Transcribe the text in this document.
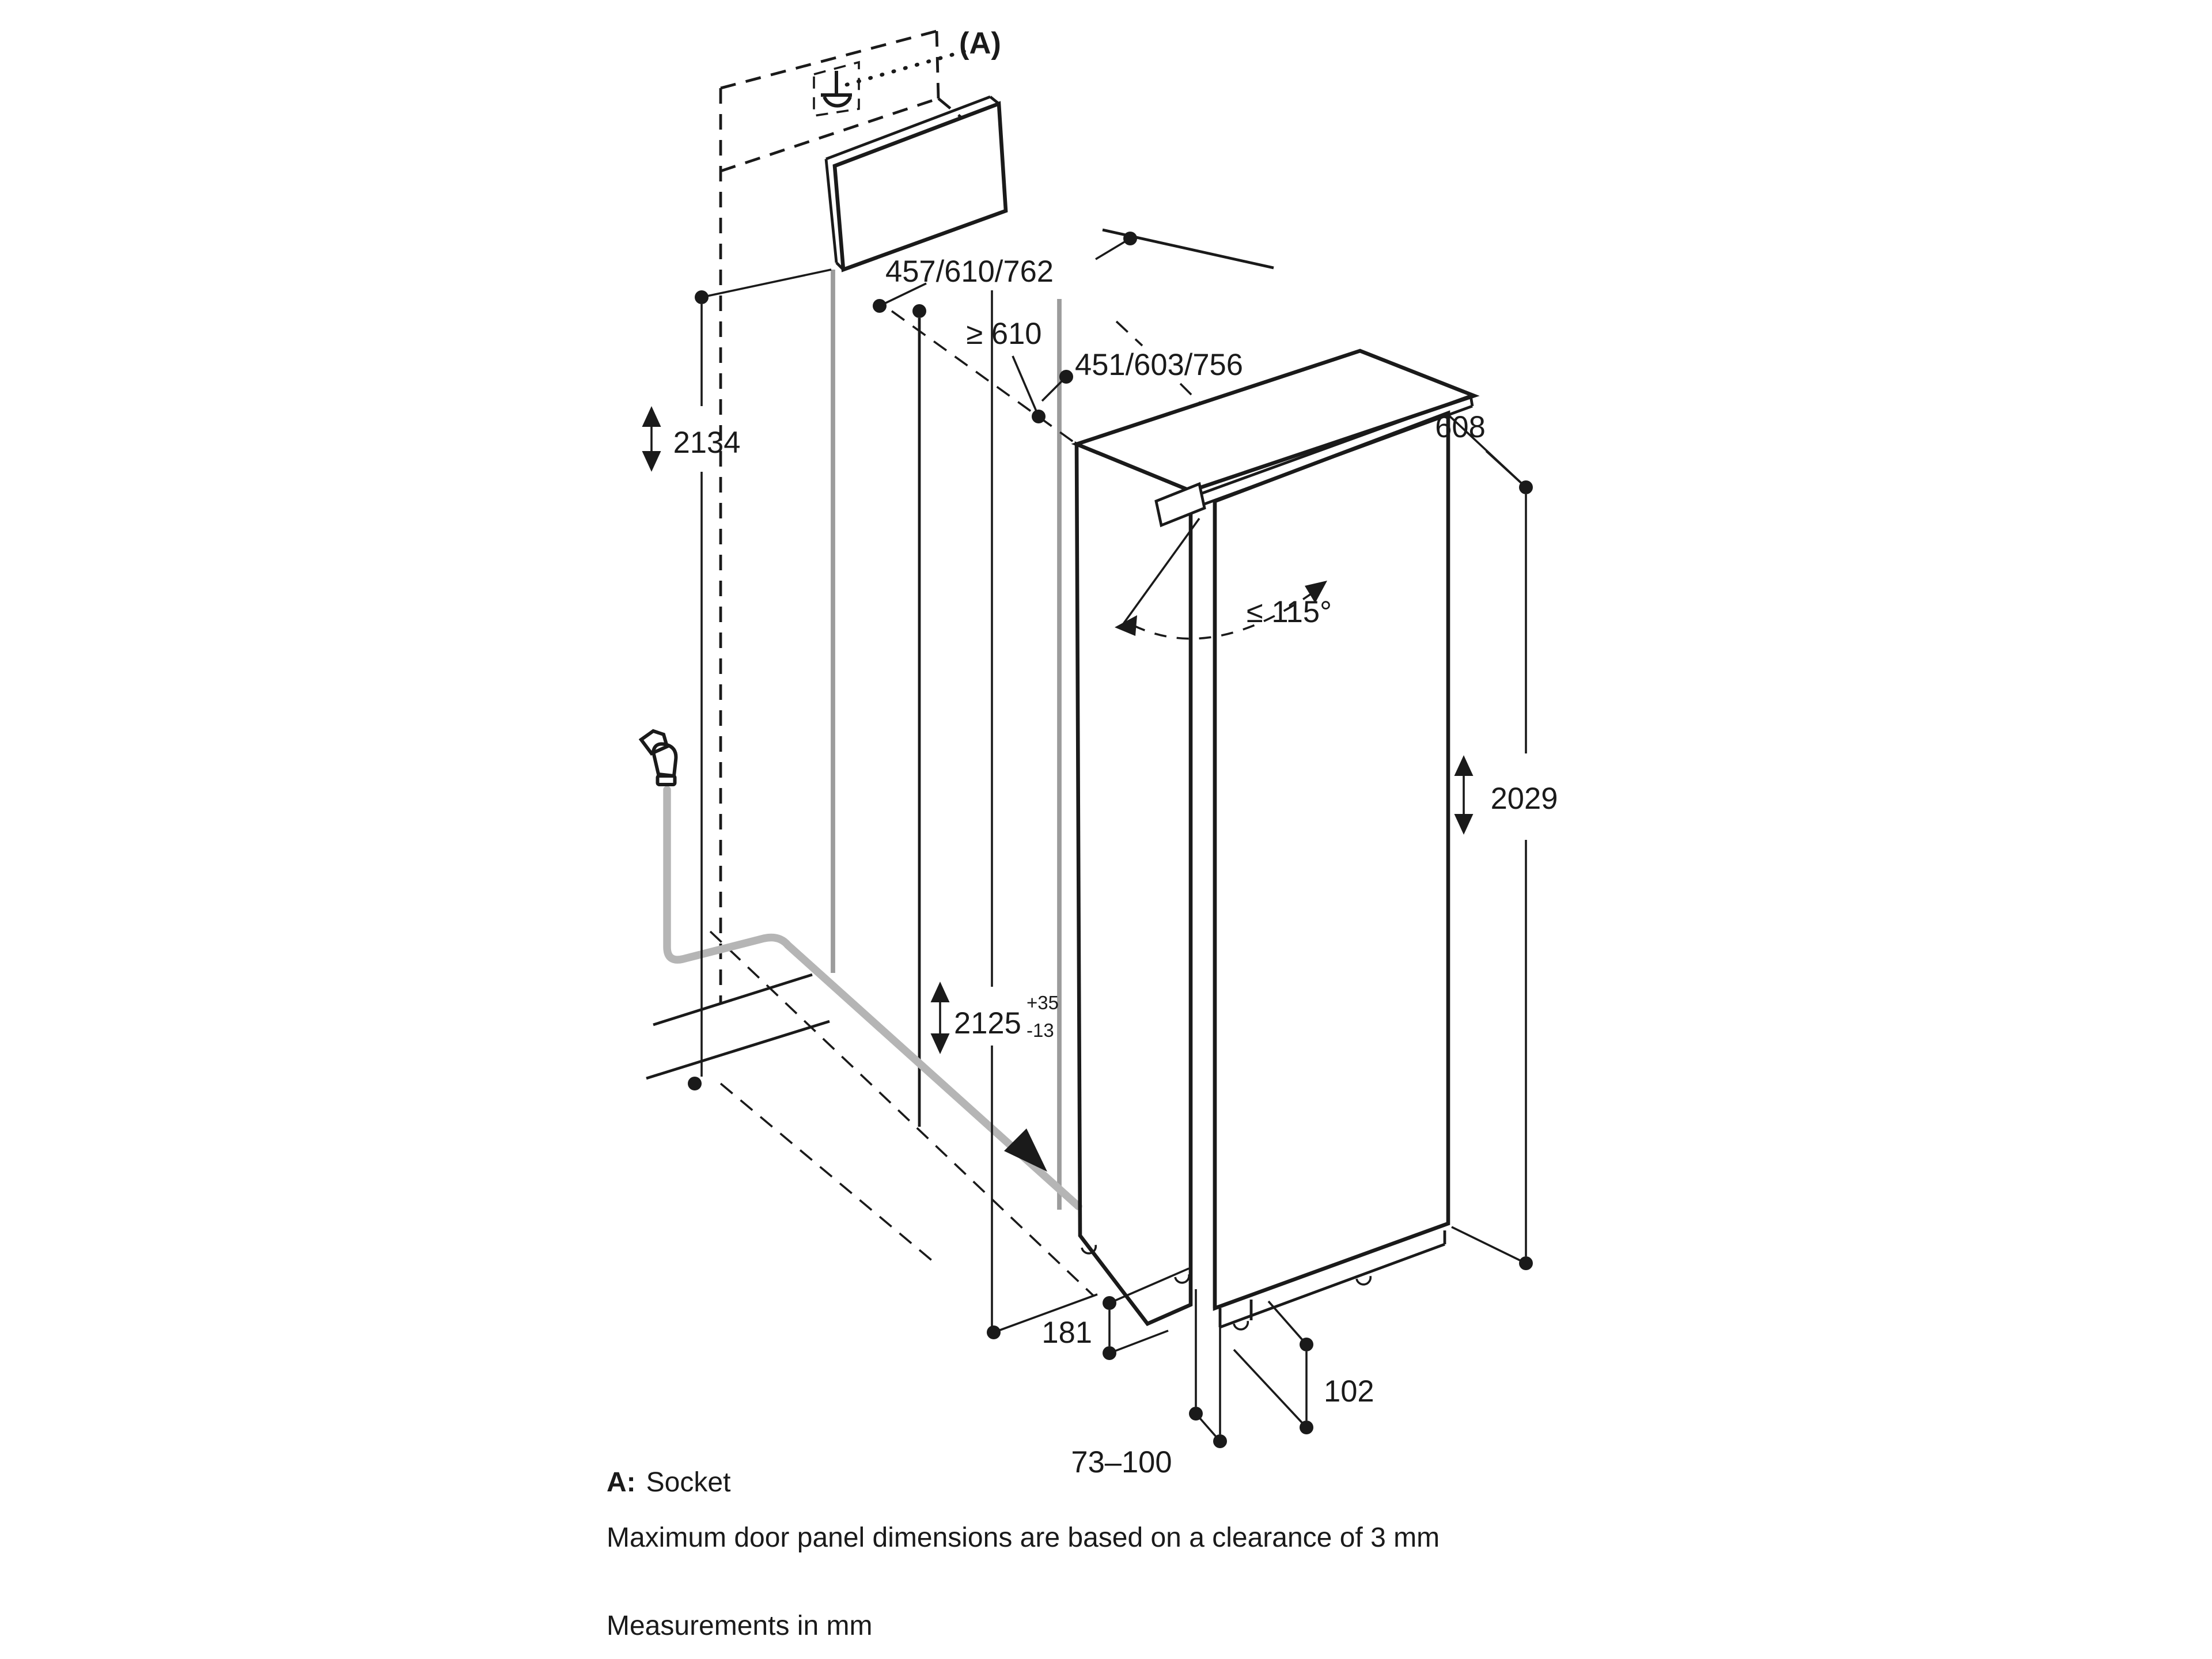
(A)
≤ 115°
457/610/762
≥ 610
451/603/756
608
2134
2029
2125
+35
-13
181
102
73–100
A: Socket
Maximum door panel dimensions are based on a clearance of 3 mm
Measurements in mm
